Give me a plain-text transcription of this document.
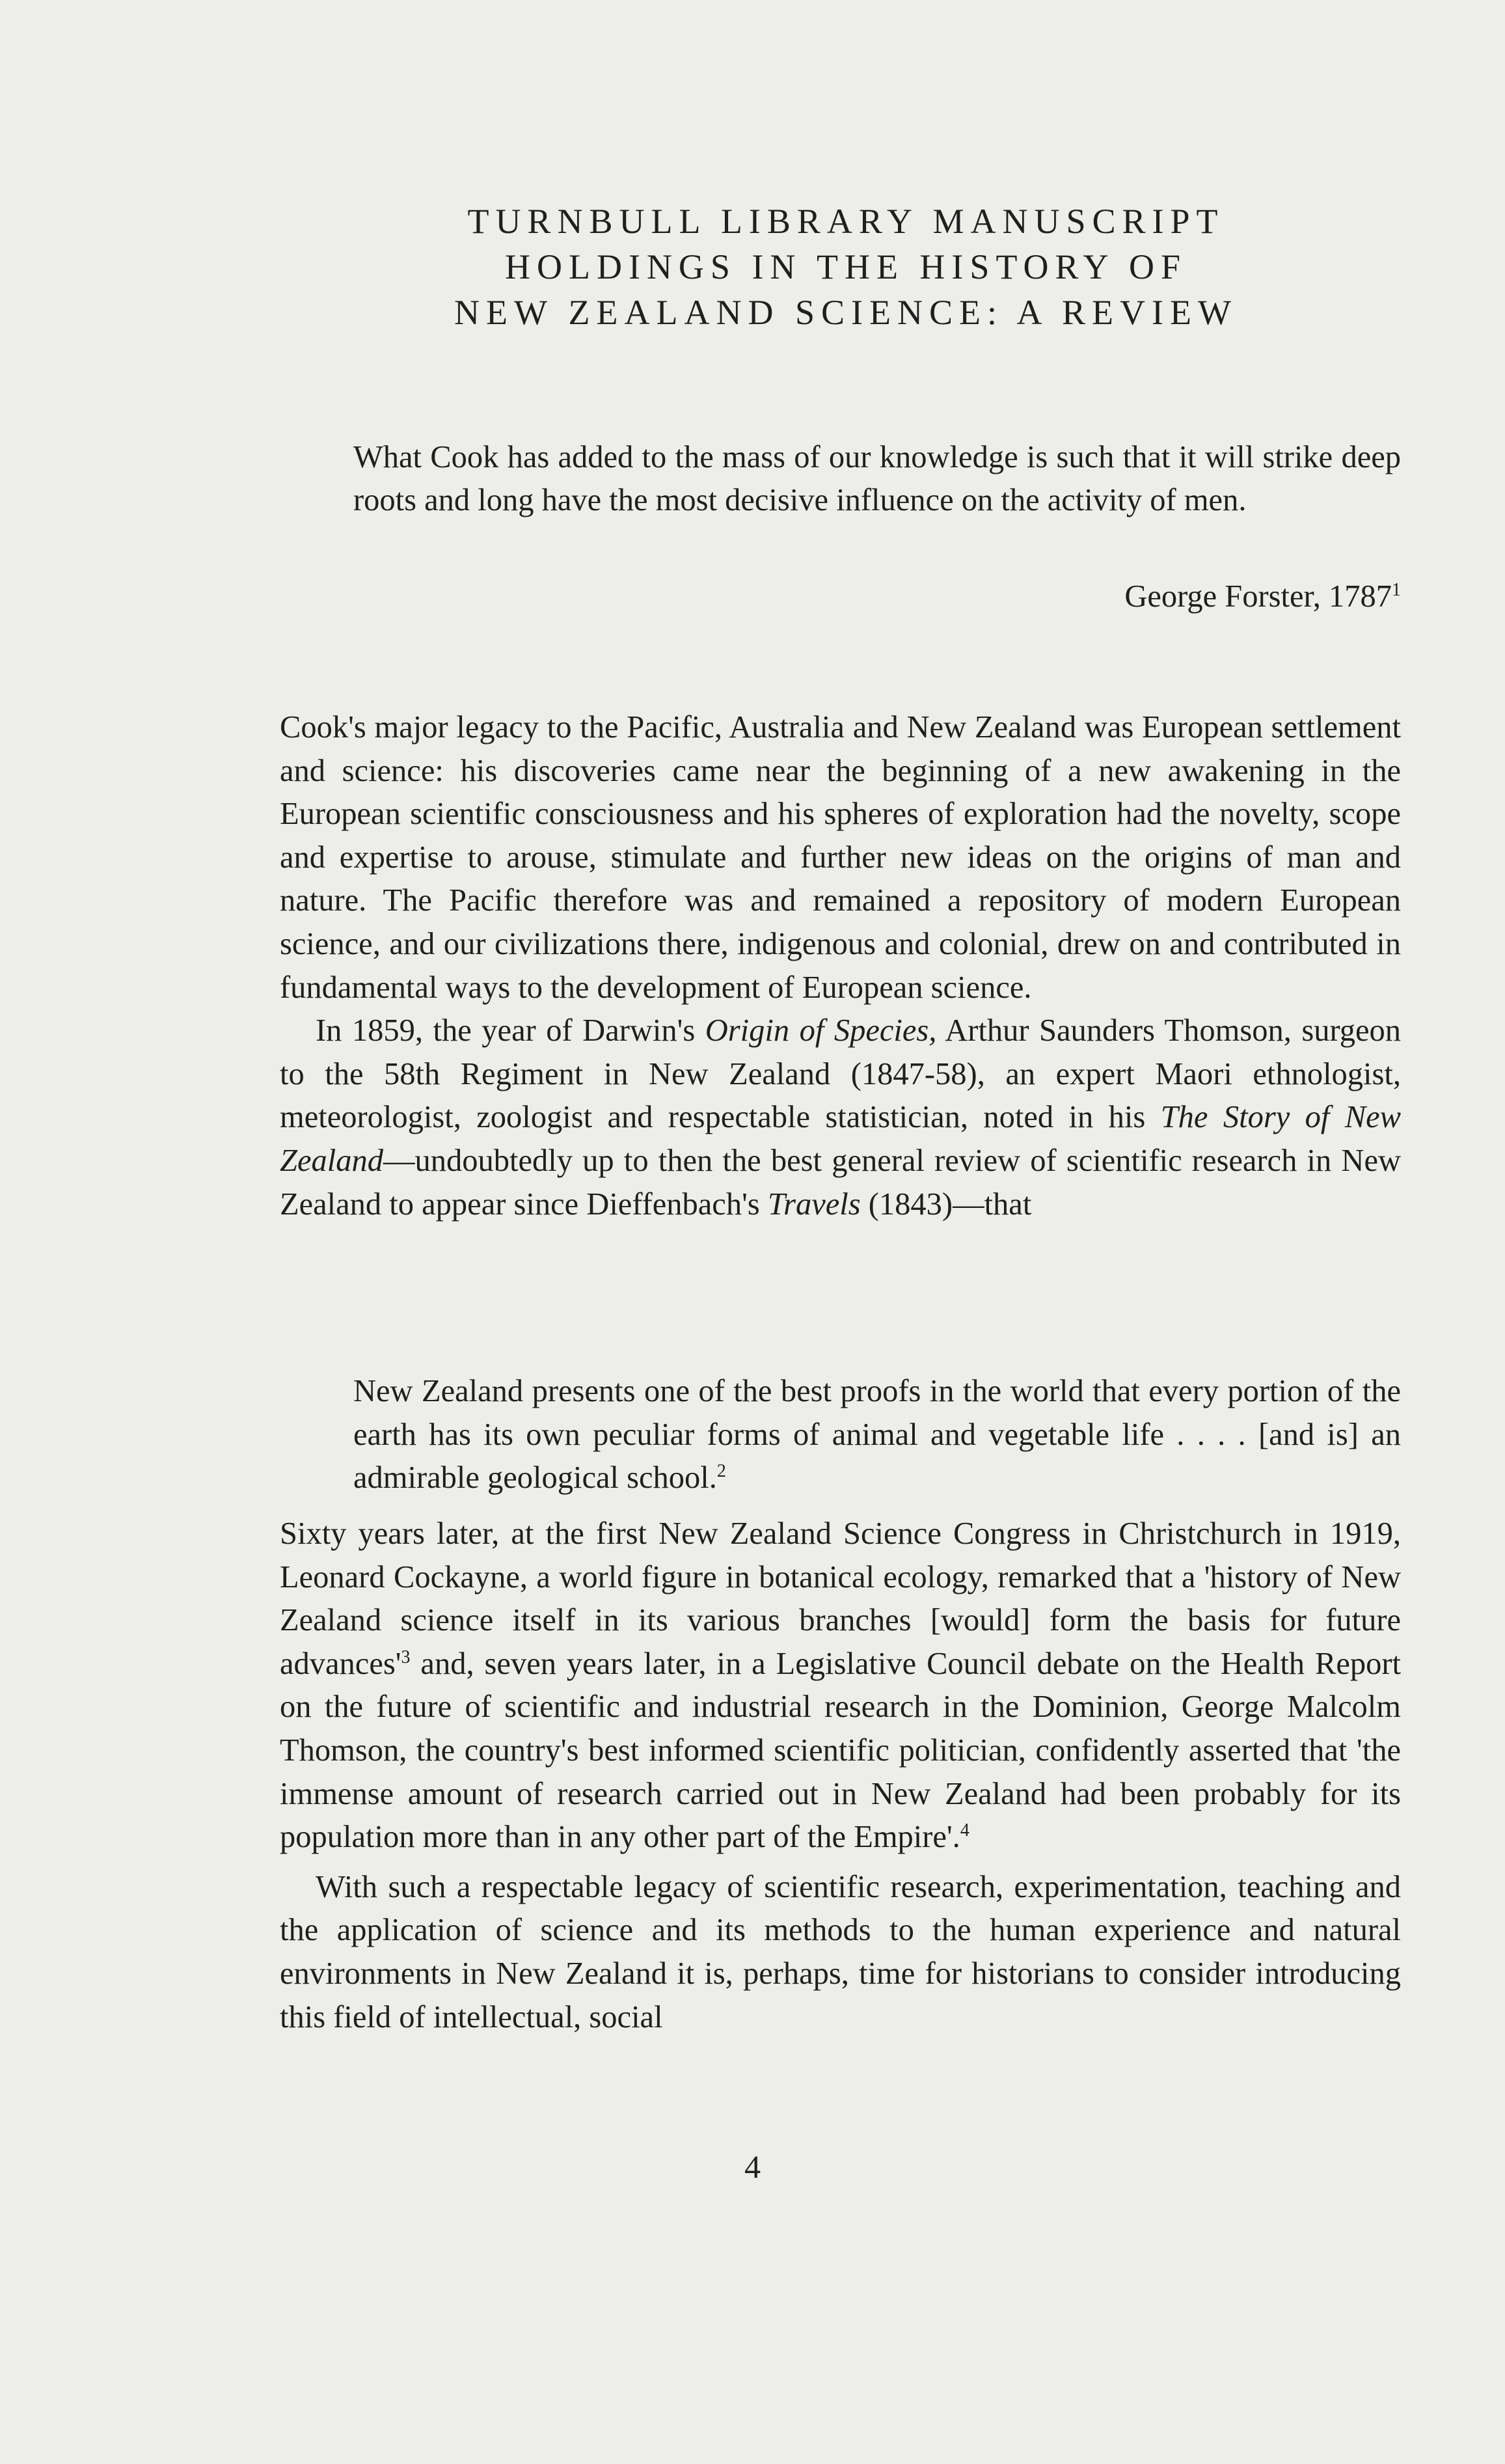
TURNBULL LIBRARY MANUSCRIPT
HOLDINGS IN THE HISTORY OF
NEW ZEALAND SCIENCE: A REVIEW
What Cook has added to the mass of our knowledge is such that it will strike deep roots and long have the most decisive influence on the activity of men.
George Forster, 1787$^1$

Cook's major legacy to the Pacific, Australia and New Zealand was European settlement and science: his discoveries came near the beginning of a new awakening in the European scientific consciousness and his spheres of exploration had the novelty, scope and expertise to arouse, stimulate and further new ideas on the origins of man and nature. The Pacific therefore was and remained a repository of modern European science, and our civilizations there, indigenous and colonial, drew on and contributed in fundamental ways to the development of European science.

In 1859, the year of Darwin's Origin of Species, Arthur Saunders Thomson, surgeon to the 58th Regiment in New Zealand (1847-58), an expert Maori ethnologist, meteorologist, zoologist and respectable statistician, noted in his The Story of New Zealand—undoubtedly up to then the best general review of scientific research in New Zealand to appear since Dieffenbach's Travels (1843)—that

New Zealand presents one of the best proofs in the world that every portion of the earth has its own peculiar forms of animal and vegetable life . . . . [and is] an admirable geological school.$^2$

Sixty years later, at the first New Zealand Science Congress in Christchurch in 1919, Leonard Cockayne, a world figure in botanical ecology, remarked that a 'history of New Zealand science itself in its various branches [would] form the basis for future $advances'^3$ and, seven years later, in a Legislative Council debate on the Health Report on the future of scientific and industrial research in the Dominion, George Malcolm Thomson, the country's best informed scientific politician, confidently asserted that 'the immense amount of research carried out in New Zealand had been probably for its population more than in any other part of the Empire'.$^4$

With such a respectable legacy of scientific research, experimentation, teaching and the application of science and its methods to the human experience and natural environments in New Zealand it is, perhaps, time for historians to consider introducing this field of intellectual, social

4
